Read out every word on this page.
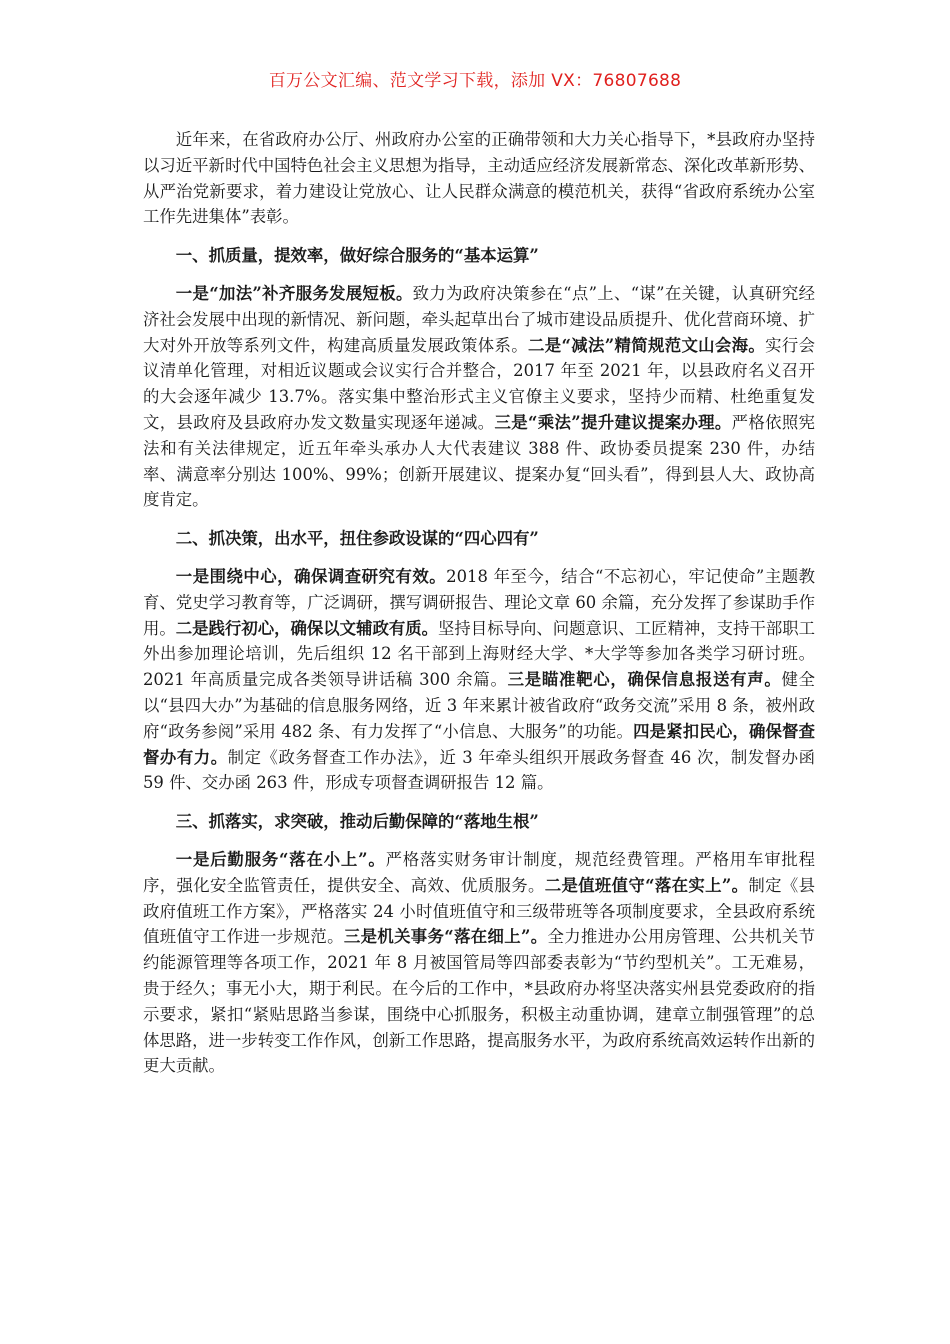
百万公文汇编、范文学习下载，添加 VX：76807688

近年来，在省政府办公厅、州政府办公室的正确带领和大力关心指导下，*县政府办坚持以习近平新时代中国特色社会主义思想为指导，主动适应经济发展新常态、深化改革新形势、从严治党新要求，着力建设让党放心、让人民群众满意的模范机关，获得“省政府系统办公室工作先进集体”表彰。

一、抓质量，提效率，做好综合服务的“基本运算”

一是“加法”补齐服务发展短板。致力为政府决策参在“点”上、“谋”在关键，认真研究经济社会发展中出现的新情况、新问题，牵头起草出台了城市建设品质提升、优化营商环境、扩大对外开放等系列文件，构建高质量发展政策体系。二是“减法”精简规范文山会海。实行会议清单化管理，对相近议题或会议实行合并整合，2017 年至 2021 年，以县政府名义召开的大会逐年减少 13.7%。落实集中整治形式主义官僚主义要求，坚持少而精、杜绝重复发文，县政府及县政府办发文数量实现逐年递减。三是“乘法”提升建议提案办理。严格依照宪法和有关法律规定，近五年牵头承办人大代表建议 388 件、政协委员提案 230 件，办结率、满意率分别达 100%、99%；创新开展建议、提案办复“回头看”，得到县人大、政协高度肯定。

二、抓决策，出水平，扭住参政设谋的“四心四有”

一是围绕中心，确保调查研究有效。2018 年至今，结合“不忘初心，牢记使命”主题教育、党史学习教育等，广泛调研，撰写调研报告、理论文章 60 余篇，充分发挥了参谋助手作用。二是践行初心，确保以文辅政有质。坚持目标导向、问题意识、工匠精神，支持干部职工外出参加理论培训，先后组织 12 名干部到上海财经大学、*大学等参加各类学习研讨班。2021 年高质量完成各类领导讲话稿 300 余篇。三是瞄准靶心，确保信息报送有声。健全以“县四大办”为基础的信息服务网络，近 3 年来累计被省政府“政务交流”采用 8 条，被州政府“政务参阅”采用 482 条、有力发挥了“小信息、大服务”的功能。四是紧扣民心，确保督查督办有力。制定《政务督查工作办法》，近 3 年牵头组织开展政务督查 46 次，制发督办函 59 件、交办函 263 件，形成专项督查调研报告 12 篇。

三、抓落实，求突破，推动后勤保障的“落地生根”

一是后勤服务“落在小上”。严格落实财务审计制度，规范经费管理。严格用车审批程序，强化安全监管责任，提供安全、高效、优质服务。二是值班值守“落在实上”。制定《县政府值班工作方案》，严格落实 24 小时值班值守和三级带班等各项制度要求，全县政府系统值班值守工作进一步规范。三是机关事务“落在细上”。全力推进办公用房管理、公共机关节约能源管理等各项工作，2021 年 8 月被国管局等四部委表彰为“节约型机关”。工无难易，贵于经久；事无小大，期于利民。在今后的工作中，*县政府办将坚决落实州县党委政府的指示要求，紧扣“紧贴思路当参谋，围绕中心抓服务，积极主动重协调，建章立制强管理”的总体思路，进一步转变工作作风，创新工作思路，提高服务水平，为政府系统高效运转作出新的更大贡献。
